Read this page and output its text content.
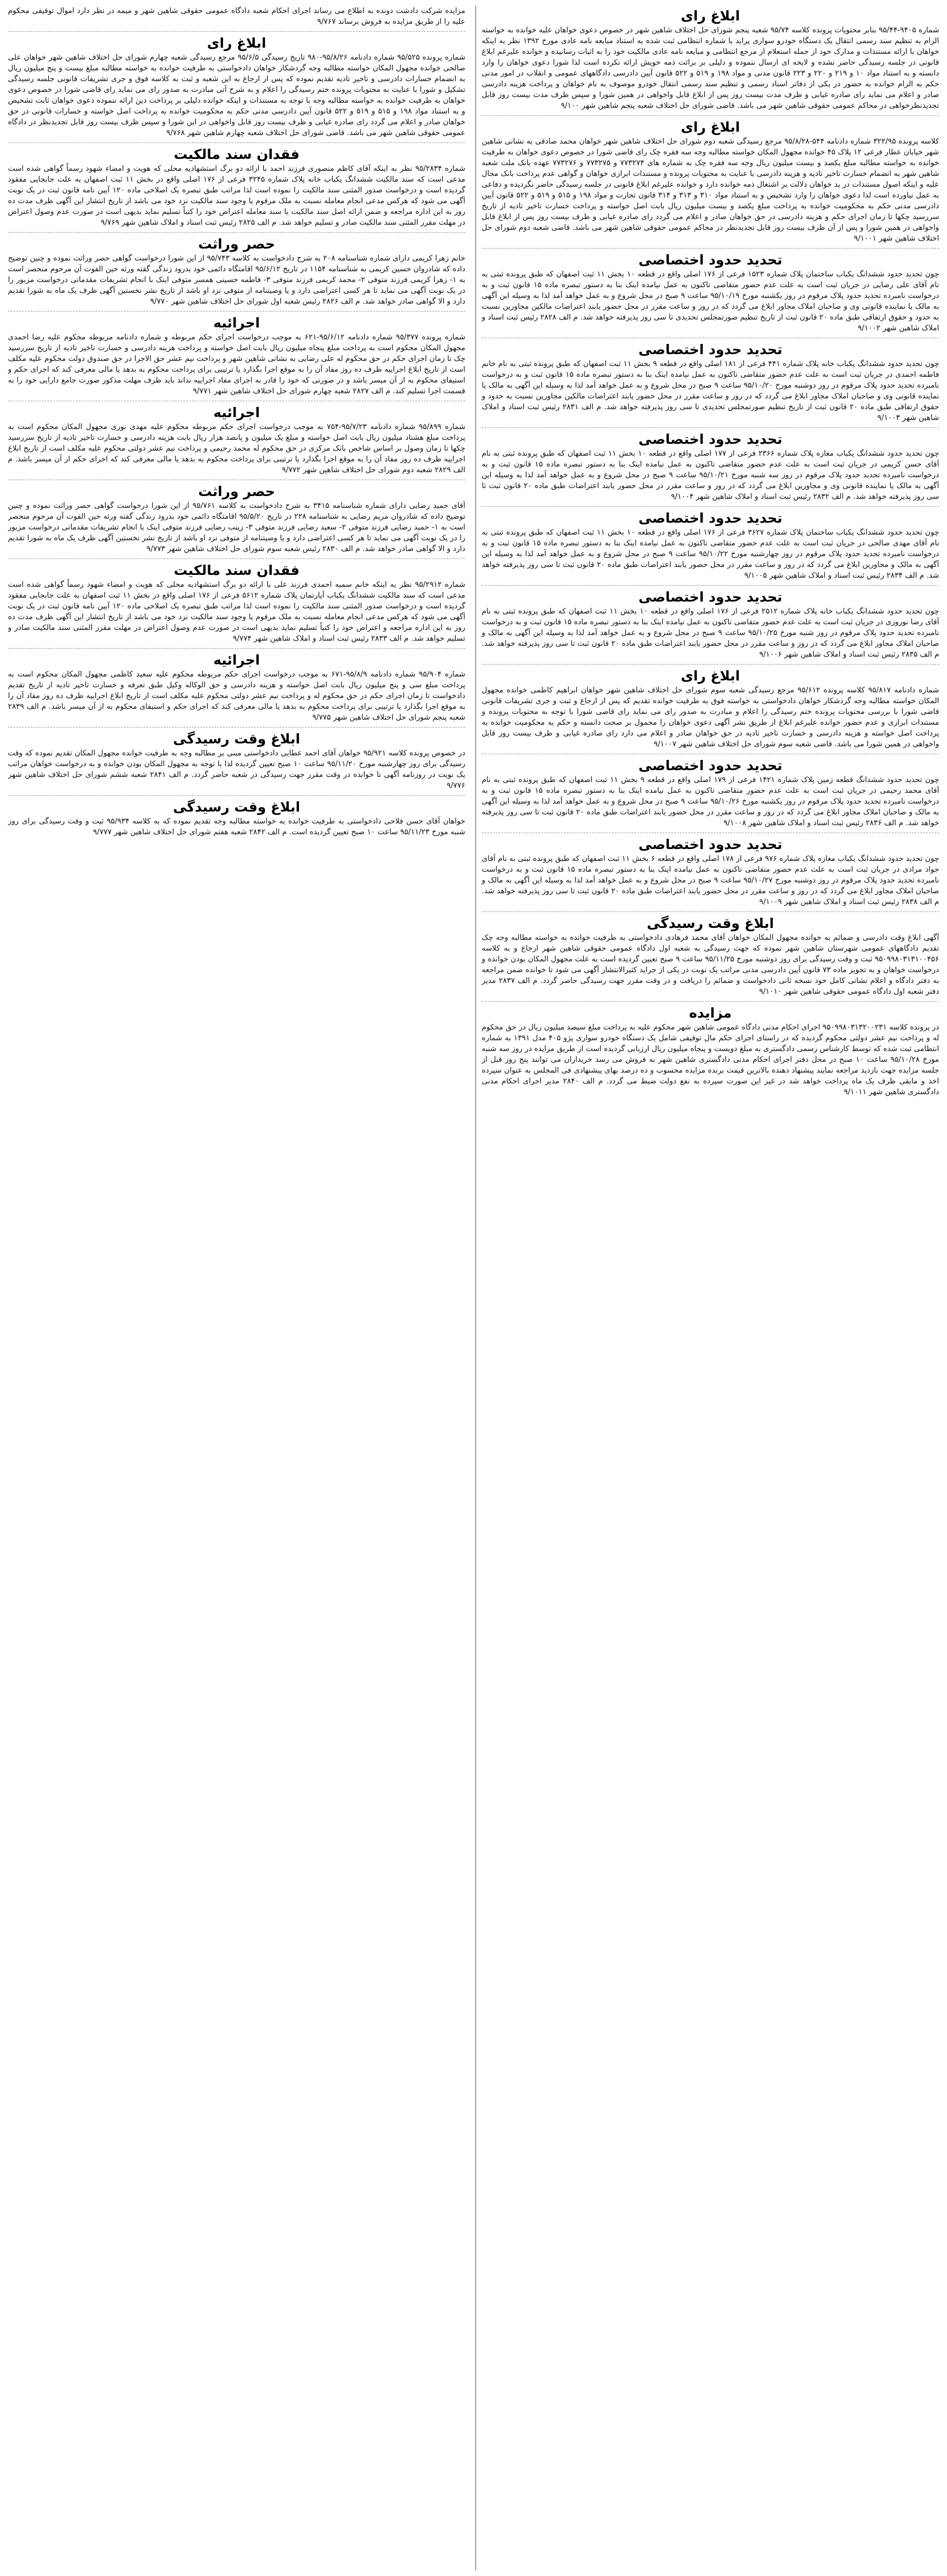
ابلاغ رای

شماره ۹۴۰۵-۹۵/۴۴ بنابر محتویات پرونده کلاسه ۹۵/۷۴ شعبه پنجم شورای حل اختلاف شاهین شهر در خصوص دعوی خواهان علیه خوانده به خواسته الزام به تنظیم سند رسمی انتقال یک دستگاه خودرو سواری پراید با شماره انتظامی ثبت شده به استناد مبایعه نامه عادی مورخ ۱۳۹۲ نظر به اینکه خواهان با ارائه مستندات و مدارک خود از جمله استعلام از مرجع انتظامی و مبایعه نامه عادی مالکیت خود را به اثبات رسانیده و خوانده علیرغم ابلاغ قانونی در جلسه رسیدگی حاضر نشده و لایحه ای ارسال ننموده و دلیلی بر برائت ذمه خویش ارائه نکرده است لذا شورا دعوی خواهان را وارد دانسته و به استناد مواد ۱۰ و ۲۱۹ و ۲۲۰ و ۲۲۳ قانون مدنی و مواد ۱۹۸ و ۵۱۹ و ۵۲۲ قانون آیین دادرسی دادگاههای عمومی و انقلاب در امور مدنی حکم به الزام خوانده به حضور در یکی از دفاتر اسناد رسمی و تنظیم سند رسمی انتقال خودرو موصوف به نام خواهان و پرداخت هزینه دادرسی صادر و اعلام می نماید رای صادره غیابی و ظرف مدت بیست روز پس از ابلاغ قابل واخواهی در همین شورا و سپس ظرف مدت بیست روز قابل تجدیدنظرخواهی در محاکم عمومی حقوقی شاهین شهر می باشد. قاضی شورای حل اختلاف شعبه پنجم شاهین شهر ۹/۱۰۰

ابلاغ رای

کلاسه پرونده ۳۲۲/۹۵ شماره دادنامه ۵۴۴-۹۵/۸/۲۸ مرجع رسیدگی شعبه دوم شورای حل اختلاف شاهین شهر خواهان محمد صادقی به نشانی شاهین شهر خیابان عطار فرعی ۱۲ پلاک ۴۵ خوانده مجهول المکان خواسته مطالبه وجه سه فقره چک رای قاضی شورا در خصوص دعوی خواهان به طرفیت خوانده به خواسته مطالبه مبلغ یکصد و بیست میلیون ریال وجه سه فقره چک به شماره های ۷۷۳۲۷۴ و ۷۷۳۲۷۵ و ۷۷۳۲۷۶ عهده بانک ملت شعبه شاهین شهر به انضمام خسارت تاخیر تادیه و هزینه دادرسی با عنایت به محتویات پرونده و مستندات ابرازی خواهان و گواهی عدم پرداخت بانک محال علیه و اینکه اصول مستندات در ید خواهان دلالت بر اشتغال ذمه خوانده دارد و خوانده علیرغم ابلاغ قانونی در جلسه رسیدگی حاضر نگردیده و دفاعی به عمل نیاورده است لذا دعوی خواهان را وارد تشخیص و به استناد مواد ۳۱۰ و ۳۱۳ و ۳۱۴ قانون تجارت و مواد ۱۹۸ و ۵۱۵ و ۵۱۹ و ۵۲۲ قانون آیین دادرسی مدنی حکم به محکومیت خوانده به پرداخت مبلغ یکصد و بیست میلیون ریال بابت اصل خواسته و پرداخت خسارت تاخیر تادیه از تاریخ سررسید چکها تا زمان اجرای حکم و هزینه دادرسی در حق خواهان صادر و اعلام می گردد رای صادره غیابی و ظرف بیست روز پس از ابلاغ قابل واخواهی در همین شورا و پس از آن ظرف بیست روز قابل تجدیدنظر در محاکم عمومی حقوقی شاهین شهر می باشد. قاضی شعبه دوم شورای حل اختلاف شاهین شهر ۹/۱۰۰۱

تحدید حدود اختصاصی

چون تحدید حدود ششدانگ یکباب ساختمان پلاک شماره ۱۵۲۳ فرعی از ۱۷۶ اصلی واقع در قطعه ۱۰ بخش ۱۱ ثبت اصفهان که طبق پرونده ثبتی به نام آقای علی رضایی در جریان ثبت است به علت عدم حضور متقاضی تاکنون به عمل نیامده اینک بنا به دستور تبصره ماده ۱۵ قانون ثبت و به درخواست نامبرده تحدید حدود پلاک مرقوم در روز یکشنبه مورخ ۹۵/۱۰/۱۹ ساعت ۹ صبح در محل شروع و به عمل خواهد آمد لذا به وسیله این آگهی به مالک یا نماینده قانونی وی و صاحبان املاک مجاور ابلاغ می گردد که در روز و ساعت مقرر در محل حضور یابند اعتراضات مالکین مجاورین نسبت به حدود و حقوق ارتفاقی طبق ماده ۲۰ قانون ثبت از تاریخ تنظیم صورتمجلس تحدیدی تا سی روز پذیرفته خواهد شد. م الف ۲۸۲۸ رئیس ثبت اسناد و املاک شاهین شهر ۹/۱۰۰۲

تحدید حدود اختصاصی

چون تحدید حدود ششدانگ یکباب خانه پلاک شماره ۴۴۱ فرعی از ۱۸۱ اصلی واقع در قطعه ۹ بخش ۱۱ ثبت اصفهان که طبق پرونده ثبتی به نام خانم فاطمه احمدی در جریان ثبت است به علت عدم حضور متقاضی تاکنون به عمل نیامده اینک بنا به دستور تبصره ماده ۱۵ قانون ثبت و به درخواست نامبرده تحدید حدود پلاک مرقوم در روز دوشنبه مورخ ۹۵/۱۰/۲۰ ساعت ۹ صبح در محل شروع و به عمل خواهد آمد لذا به وسیله این آگهی به مالک یا نماینده قانونی وی و صاحبان املاک مجاور ابلاغ می گردد که در روز و ساعت مقرر در محل حضور یابند اعتراضات مالکین مجاورین نسبت به حدود و حقوق ارتفاقی طبق ماده ۲۰ قانون ثبت از تاریخ تنظیم صورتمجلس تحدیدی تا سی روز پذیرفته خواهد شد. م الف ۲۸۳۱ رئیس ثبت اسناد و املاک شاهین شهر ۹/۱۰۰۳

تحدید حدود اختصاصی

چون تحدید حدود ششدانگ یکباب مغازه پلاک شماره ۲۳۶۶ فرعی از ۱۷۷ اصلی واقع در قطعه ۱۰ بخش ۱۱ ثبت اصفهان که طبق پرونده ثبتی به نام آقای حسن کریمی در جریان ثبت است به علت عدم حضور متقاضی تاکنون به عمل نیامده اینک بنا به دستور تبصره ماده ۱۵ قانون ثبت و به درخواست نامبرده تحدید حدود پلاک مرقوم در روز سه شنبه مورخ ۹۵/۱۰/۲۱ ساعت ۹ صبح در محل شروع و به عمل خواهد آمد لذا به وسیله این آگهی به مالک یا نماینده قانونی وی و مجاورین ابلاغ می گردد که در روز و ساعت مقرر در محل حضور یابند اعتراضات طبق ماده ۲۰ قانون ثبت تا سی روز پذیرفته خواهد شد. م الف ۲۸۳۲ رئیس ثبت اسناد و املاک شاهین شهر ۹/۱۰۰۴

تحدید حدود اختصاصی

چون تحدید حدود ششدانگ یکباب ساختمان پلاک شماره ۳۶۲۷ فرعی از ۱۷۶ اصلی واقع در قطعه ۱۰ بخش ۱۱ ثبت اصفهان که طبق پرونده ثبتی به نام آقای مهدی صالحی در جریان ثبت است به علت عدم حضور متقاضی تاکنون به عمل نیامده اینک بنا به دستور تبصره ماده ۱۵ قانون ثبت و به درخواست نامبرده تحدید حدود پلاک مرقوم در روز چهارشنبه مورخ ۹۵/۱۰/۲۲ ساعت ۹ صبح در محل شروع و به عمل خواهد آمد لذا به وسیله این آگهی به مالک و مجاورین ابلاغ می گردد که در روز و ساعت مقرر در محل حضور یابند اعتراضات طبق ماده ۲۰ قانون ثبت تا سی روز پذیرفته خواهد شد. م الف ۲۸۳۴ رئیس ثبت اسناد و املاک شاهین شهر ۹/۱۰۰۵

تحدید حدود اختصاصی

چون تحدید حدود ششدانگ یکباب خانه پلاک شماره ۲۵۱۲ فرعی از ۱۷۶ اصلی واقع در قطعه ۱۰ بخش ۱۱ ثبت اصفهان که طبق پرونده ثبتی به نام آقای رضا نوروزی در جریان ثبت است به علت عدم حضور متقاضی تاکنون به عمل نیامده اینک بنا به دستور تبصره ماده ۱۵ قانون ثبت و به درخواست نامبرده تحدید حدود پلاک مرقوم در روز شنبه مورخ ۹۵/۱۰/۲۵ ساعت ۹ صبح در محل شروع و به عمل خواهد آمد لذا به وسیله این آگهی به مالک و صاحبان املاک مجاور ابلاغ می گردد که در روز و ساعت مقرر در محل حضور یابند اعتراضات طبق ماده ۲۰ قانون ثبت تا سی روز پذیرفته خواهد شد. م الف ۲۸۳۵ رئیس ثبت اسناد و املاک شاهین شهر ۹/۱۰۰۶

ابلاغ رای

شماره دادنامه ۹۵/۸۱۷ کلاسه پرونده ۹۵/۶۱۲ مرجع رسیدگی شعبه سوم شورای حل اختلاف شاهین شهر خواهان ابراهیم کاظمی خوانده مجهول المکان خواسته مطالبه وجه گردشکار خواهان دادخواستی به خواسته فوق به طرفیت خوانده تقدیم که پس از ارجاع و ثبت و جری تشریفات قانونی قاضی شورا با بررسی محتویات پرونده ختم رسیدگی را اعلام و مبادرت به صدور رای می نماید رای قاضی شورا با توجه به محتویات پرونده و مستندات ابرازی و عدم حضور خوانده علیرغم ابلاغ از طریق نشر آگهی دعوی خواهان را محمول بر صحت دانسته و حکم به محکومیت خوانده به پرداخت اصل خواسته و هزینه دادرسی و خسارت تاخیر تادیه در حق خواهان صادر و اعلام می دارد رای صادره غیابی و ظرف بیست روز قابل واخواهی در همین شورا می باشد. قاضی شعبه سوم شورای حل اختلاف شاهین شهر ۹/۱۰۰۷

تحدید حدود اختصاصی

چون تحدید حدود ششدانگ قطعه زمین پلاک شماره ۱۴۲۱ فرعی از ۱۷۹ اصلی واقع در قطعه ۹ بخش ۱۱ ثبت اصفهان که طبق پرونده ثبتی به نام آقای محمد رحیمی در جریان ثبت است به علت عدم حضور متقاضی تاکنون به عمل نیامده اینک بنا به دستور تبصره ماده ۱۵ قانون ثبت و به درخواست نامبرده تحدید حدود پلاک مرقوم در روز یکشنبه مورخ ۹۵/۱۰/۲۶ ساعت ۹ صبح در محل شروع و به عمل خواهد آمد لذا به وسیله این آگهی به مالک و صاحبان املاک مجاور ابلاغ می گردد که در روز و ساعت مقرر در محل حضور یابند اعتراضات طبق ماده ۲۰ قانون ثبت تا سی روز پذیرفته خواهد شد. م الف ۲۸۳۶ رئیس ثبت اسناد و املاک شاهین شهر ۹/۱۰۰۸

تحدید حدود اختصاصی

چون تحدید حدود ششدانگ یکباب مغازه پلاک شماره ۹۷۶ فرعی از ۱۷۸ اصلی واقع در قطعه ۶ بخش ۱۱ ثبت اصفهان که طبق پرونده ثبتی به نام آقای جواد مرادی در جریان ثبت است به علت عدم حضور متقاضی تاکنون به عمل نیامده اینک بنا به دستور تبصره ماده ۱۵ قانون ثبت و به درخواست نامبرده تحدید حدود پلاک مرقوم در روز دوشنبه مورخ ۹۵/۱۰/۲۷ ساعت ۹ صبح در محل شروع و به عمل خواهد آمد لذا به وسیله این آگهی به مالک و صاحبان املاک مجاور ابلاغ می گردد که در روز و ساعت مقرر در محل حضور یابند اعتراضات طبق ماده ۲۰ قانون ثبت تا سی روز پذیرفته خواهد شد. م الف ۲۸۳۸ رئیس ثبت اسناد و املاک شاهین شهر ۹/۱۰۰۹

ابلاغ وقت رسیدگی

آگهی ابلاغ وقت دادرسی و ضمائم به خوانده مجهول المکان خواهان آقای محمد فرهادی دادخواستی به طرفیت خوانده به خواسته مطالبه وجه چک تقدیم دادگاههای عمومی شهرستان شاهین شهر نموده که جهت رسیدگی به شعبه اول دادگاه عمومی حقوقی شاهین شهر ارجاع و به کلاسه ۹۵۰۹۹۸۰۳۱۳۱۰۰۴۵۶ ثبت و وقت رسیدگی برای روز دوشنبه مورخ ۹۵/۱۱/۲۵ ساعت ۹ صبح تعیین گردیده است به علت مجهول المکان بودن خوانده و درخواست خواهان و به تجویز ماده ۷۳ قانون آیین دادرسی مدنی مراتب یک نوبت در یکی از جراید کثیرالانتشار آگهی می شود تا خوانده ضمن مراجعه به دفتر دادگاه و اعلام نشانی کامل خود نسخه ثانی دادخواست و ضمائم را دریافت و در وقت مقرر جهت رسیدگی حاضر گردد. م الف ۲۸۳۷ مدیر دفتر شعبه اول دادگاه عمومی حقوقی شاهین شهر ۹/۱۰۱۰

مزایده

در پرونده کلاسه ۹۵۰۹۹۸۰۳۱۳۲۰۰۲۳۱ اجرای احکام مدنی دادگاه عمومی شاهین شهر محکوم علیه به پرداخت مبلغ سیصد میلیون ریال در حق محکوم له و پرداخت نیم عشر دولتی محکوم گردیده که در راستای اجرای حکم مال توقیفی شامل یک دستگاه خودرو سواری پژو ۴۰۵ مدل ۱۳۹۱ به شماره انتظامی ثبت شده که توسط کارشناس رسمی دادگستری به مبلغ دویست و پنجاه میلیون ریال ارزیابی گردیده است از طریق مزایده در روز سه شنبه مورخ ۹۵/۱۰/۲۸ ساعت ۱۰ صبح در محل دفتر اجرای احکام مدنی دادگستری شاهین شهر به فروش می رسد خریداران می توانند پنج روز قبل از جلسه مزایده جهت بازدید مراجعه نمایند پیشنهاد دهنده بالاترین قیمت برنده مزایده محسوب و ده درصد بهای پیشنهادی فی المجلس به عنوان سپرده اخذ و مابقی ظرف یک ماه پرداخت خواهد شد در غیر این صورت سپرده به نفع دولت ضبط می گردد. م الف ۲۸۴۰ مدیر اجرای احکام مدنی دادگستری شاهین شهر ۹/۱۰۱۱

مزایده شرکت دادشت دونده به اطلاع می رساند اجرای احکام شعبه دادگاه عمومی حقوقی شاهین شهر و میمه در نظر دارد اموال توقیفی محکوم علیه را از طریق مزایده به فروش برساند ۹/۷۶۷

ابلاغ رای

شماره پرونده ۹۵/۵۲۵ شماره دادنامه ۹۵/۸/۲۶-۹۸۰ تاریخ رسیدگی ۹۵/۶/۵ مرجع رسیدگی شعبه چهارم شورای حل اختلاف شاهین شهر خواهان علی صالحی خوانده مجهول المکان خواسته مطالبه وجه گردشکار خواهان دادخواستی به طرفیت خوانده به خواسته مطالبه مبلغ بیست و پنج میلیون ریال به انضمام خسارات دادرسی و تاخیر تادیه تقدیم نموده که پس از ارجاع به این شعبه و ثبت به کلاسه فوق و جری تشریفات قانونی جلسه رسیدگی تشکیل و شورا با عنایت به محتویات پرونده ختم رسیدگی را اعلام و به شرح آتی مبادرت به صدور رای می نماید رای قاضی شورا در خصوص دعوی خواهان به طرفیت خوانده به خواسته مطالبه وجه با توجه به مستندات و اینکه خوانده دلیلی بر پرداخت دین ارائه ننموده دعوی خواهان ثابت تشخیص و به استناد مواد ۱۹۸ و ۵۱۵ و ۵۱۹ و ۵۲۲ قانون آیین دادرسی مدنی حکم به محکومیت خوانده به پرداخت اصل خواسته و خسارات قانونی در حق خواهان صادر و اعلام می گردد رای صادره غیابی و ظرف بیست روز قابل واخواهی در این شورا و سپس ظرف بیست روز قابل تجدیدنظر در دادگاه عمومی حقوقی شاهین شهر می باشد. قاضی شورای حل اختلاف شعبه چهارم شاهین شهر ۹/۷۶۸

فقدان سند مالکیت

شماره ۹۵/۲۸۳۴ نظر به اینکه آقای کاظم منصوری فرزند احمد با ارائه دو برگ استشهادیه محلی که هویت و امضاء شهود رسماً گواهی شده است مدعی است که سند مالکیت ششدانگ یکباب خانه پلاک شماره ۳۲۴۵ فرعی از ۱۷۶ اصلی واقع در بخش ۱۱ ثبت اصفهان به علت جابجایی مفقود گردیده است و درخواست صدور المثنی سند مالکیت را نموده است لذا مراتب طبق تبصره یک اصلاحی ماده ۱۲۰ آیین نامه قانون ثبت در یک نوبت آگهی می شود که هرکس مدعی انجام معامله نسبت به ملک مرقوم یا وجود سند مالکیت نزد خود می باشد از تاریخ انتشار این آگهی ظرف مدت ده روز به این اداره مراجعه و ضمن ارائه اصل سند مالکیت یا سند معامله اعتراض خود را کتباً تسلیم نماید بدیهی است در صورت عدم وصول اعتراض در مهلت مقرر المثنی سند مالکیت صادر و تسلیم خواهد شد. م الف ۲۸۲۵ رئیس ثبت اسناد و املاک شاهین شهر ۹/۷۶۹

حصر وراثت

خانم زهرا کریمی دارای شماره شناسنامه ۲۰۸ به شرح دادخواست به کلاسه ۹۵/۷۴۳ از این شورا درخواست گواهی حصر وراثت نموده و چنین توضیح داده که شادروان حسین کریمی به شناسنامه ۱۱۵۴ در تاریخ ۹۵/۶/۱۲ اقامتگاه دائمی خود بدرود زندگی گفته ورثه حین الفوت آن مرحوم منحصر است به ۱- زهرا کریمی فرزند متوفی ۲- محمد کریمی فرزند متوفی ۳- فاطمه حسینی همسر متوفی اینک با انجام تشریفات مقدماتی درخواست مزبور را در یک نوبت آگهی می نماید تا هر کسی اعتراضی دارد و یا وصیتنامه از متوفی نزد او باشد از تاریخ نشر نخستین آگهی ظرف یک ماه به شورا تقدیم دارد و الا گواهی صادر خواهد شد. م الف ۲۸۲۶ رئیس شعبه اول شورای حل اختلاف شاهین شهر ۹/۷۷۰

اجرائیه

شماره پرونده ۹۵/۳۷۷ شماره دادنامه ۹۵/۶/۱۲-۶۲۱ به موجب درخواست اجرای حکم مربوطه و شماره دادنامه مربوطه محکوم علیه رضا احمدی مجهول المکان محکوم است به پرداخت مبلغ پنجاه میلیون ریال بابت اصل خواسته و پرداخت هزینه دادرسی و خسارت تاخیر تادیه از تاریخ سررسید چک تا زمان اجرای حکم در حق محکوم له علی رضایی به نشانی شاهین شهر و پرداخت نیم عشر حق الاجرا در حق صندوق دولت محکوم علیه مکلف است از تاریخ ابلاغ اجراییه ظرف ده روز مفاد آن را به موقع اجرا بگذارد یا ترتیبی برای پرداخت محکوم به بدهد یا مالی معرفی کند که اجرای حکم و استیفای محکوم به از آن میسر باشد و در صورتی که خود را قادر به اجرای مفاد اجراییه نداند باید ظرف مهلت مذکور صورت جامع دارایی خود را به قسمت اجرا تسلیم کند. م الف ۲۸۲۷ شعبه چهارم شورای حل اختلاف شاهین شهر ۹/۷۷۱

اجرائیه

شماره ۹۵/۸۹۹ شماره دادنامه ۹۵/۷/۲۳-۷۵۴ به موجب درخواست اجرای حکم مربوطه محکوم علیه مهدی نوری مجهول المکان محکوم است به پرداخت مبلغ هشتاد میلیون ریال بابت اصل خواسته و مبلغ یک میلیون و پانصد هزار ریال بابت هزینه دادرسی و خسارت تاخیر تادیه از تاریخ سررسید چکها تا زمان وصول بر اساس شاخص بانک مرکزی در حق محکوم له محمد رحیمی و پرداخت نیم عشر دولتی محکوم علیه مکلف است از تاریخ ابلاغ اجراییه ظرف ده روز مفاد آن را به موقع اجرا بگذارد یا ترتیبی برای پرداخت محکوم به بدهد یا مالی معرفی کند که اجرای حکم از آن میسر باشد. م الف ۲۸۲۹ شعبه دوم شورای حل اختلاف شاهین شهر ۹/۷۷۲

حصر وراثت

آقای حمید رضایی دارای شماره شناسنامه ۳۴۱۵ به شرح دادخواست به کلاسه ۹۵/۷۶۱ از این شورا درخواست گواهی حصر وراثت نموده و چنین توضیح داده که شادروان مریم رضایی به شناسنامه ۲۲۸ در تاریخ ۹۵/۵/۲۰ اقامتگاه دائمی خود بدرود زندگی گفته ورثه حین الفوت آن مرحوم منحصر است به ۱- حمید رضایی فرزند متوفی ۲- سعید رضایی فرزند متوفی ۳- زینب رضایی فرزند متوفی اینک با انجام تشریفات مقدماتی درخواست مزبور را در یک نوبت آگهی می نماید تا هر کسی اعتراضی دارد و یا وصیتنامه از متوفی نزد او باشد از تاریخ نشر نخستین آگهی ظرف یک ماه به شورا تقدیم دارد و الا گواهی صادر خواهد شد. م الف ۲۸۳۰ رئیس شعبه سوم شورای حل اختلاف شاهین شهر ۹/۷۷۳

فقدان سند مالکیت

شماره ۹۵/۲۹۱۲ نظر به اینکه خانم سمیه احمدی فرزند علی با ارائه دو برگ استشهادیه محلی که هویت و امضاء شهود رسماً گواهی شده است مدعی است که سند مالکیت ششدانگ یکباب آپارتمان پلاک شماره ۵۶۱۲ فرعی از ۱۷۶ اصلی واقع در بخش ۱۱ ثبت اصفهان به علت جابجایی مفقود گردیده است و درخواست صدور المثنی سند مالکیت را نموده است لذا مراتب طبق تبصره یک اصلاحی ماده ۱۲۰ آیین نامه قانون ثبت در یک نوبت آگهی می شود که هرکس مدعی انجام معامله نسبت به ملک مرقوم یا وجود سند مالکیت نزد خود می باشد از تاریخ انتشار این آگهی ظرف مدت ده روز به این اداره مراجعه و اعتراض خود را کتباً تسلیم نماید بدیهی است در صورت عدم وصول اعتراض در مهلت مقرر المثنی سند مالکیت صادر و تسلیم خواهد شد. م الف ۲۸۳۳ رئیس ثبت اسناد و املاک شاهین شهر ۹/۷۷۴

اجرائیه

شماره ۹۵/۹۰۴ شماره دادنامه ۹۵/۸/۹-۶۷۱ به موجب درخواست اجرای حکم مربوطه محکوم علیه سعید کاظمی مجهول المکان محکوم است به پرداخت مبلغ سی و پنج میلیون ریال بابت اصل خواسته و هزینه دادرسی و حق الوکاله وکیل طبق تعرفه و خسارت تاخیر تادیه از تاریخ تقدیم دادخواست تا زمان اجرای حکم در حق محکوم له و پرداخت نیم عشر دولتی محکوم علیه مکلف است از تاریخ ابلاغ اجراییه ظرف ده روز مفاد آن را به موقع اجرا بگذارد یا ترتیبی برای پرداخت محکوم به بدهد یا مالی معرفی کند که اجرای حکم و استیفای محکوم به از آن میسر باشد. م الف ۲۸۳۹ شعبه پنجم شورای حل اختلاف شاهین شهر ۹/۷۷۵

ابلاغ وقت رسیدگی

در خصوص پرونده کلاسه ۹۵/۹۲۱ خواهان آقای احمد عطایی دادخواستی مبنی بر مطالبه وجه به طرفیت خوانده مجهول المکان تقدیم نموده که وقت رسیدگی برای روز چهارشنبه مورخ ۹۵/۱۱/۲۰ ساعت ۱۰ صبح تعیین گردیده لذا با توجه به مجهول المکان بودن خوانده و به درخواست خواهان مراتب یک نوبت در روزنامه آگهی تا خوانده در وقت مقرر جهت رسیدگی در شعبه حاضر گردد. م الف ۲۸۴۱ شعبه ششم شورای حل اختلاف شاهین شهر ۹/۷۷۶

ابلاغ وقت رسیدگی

خواهان آقای حسن فلاحی دادخواستی به طرفیت خوانده به خواسته مطالبه وجه تقدیم نموده که به کلاسه ۹۵/۹۳۴ ثبت و وقت رسیدگی برای روز شنبه مورخ ۹۵/۱۱/۲۳ ساعت ۱۰ صبح تعیین گردیده است. م الف ۲۸۴۲ شعبه هفتم شورای حل اختلاف شاهین شهر ۹/۷۷۷
